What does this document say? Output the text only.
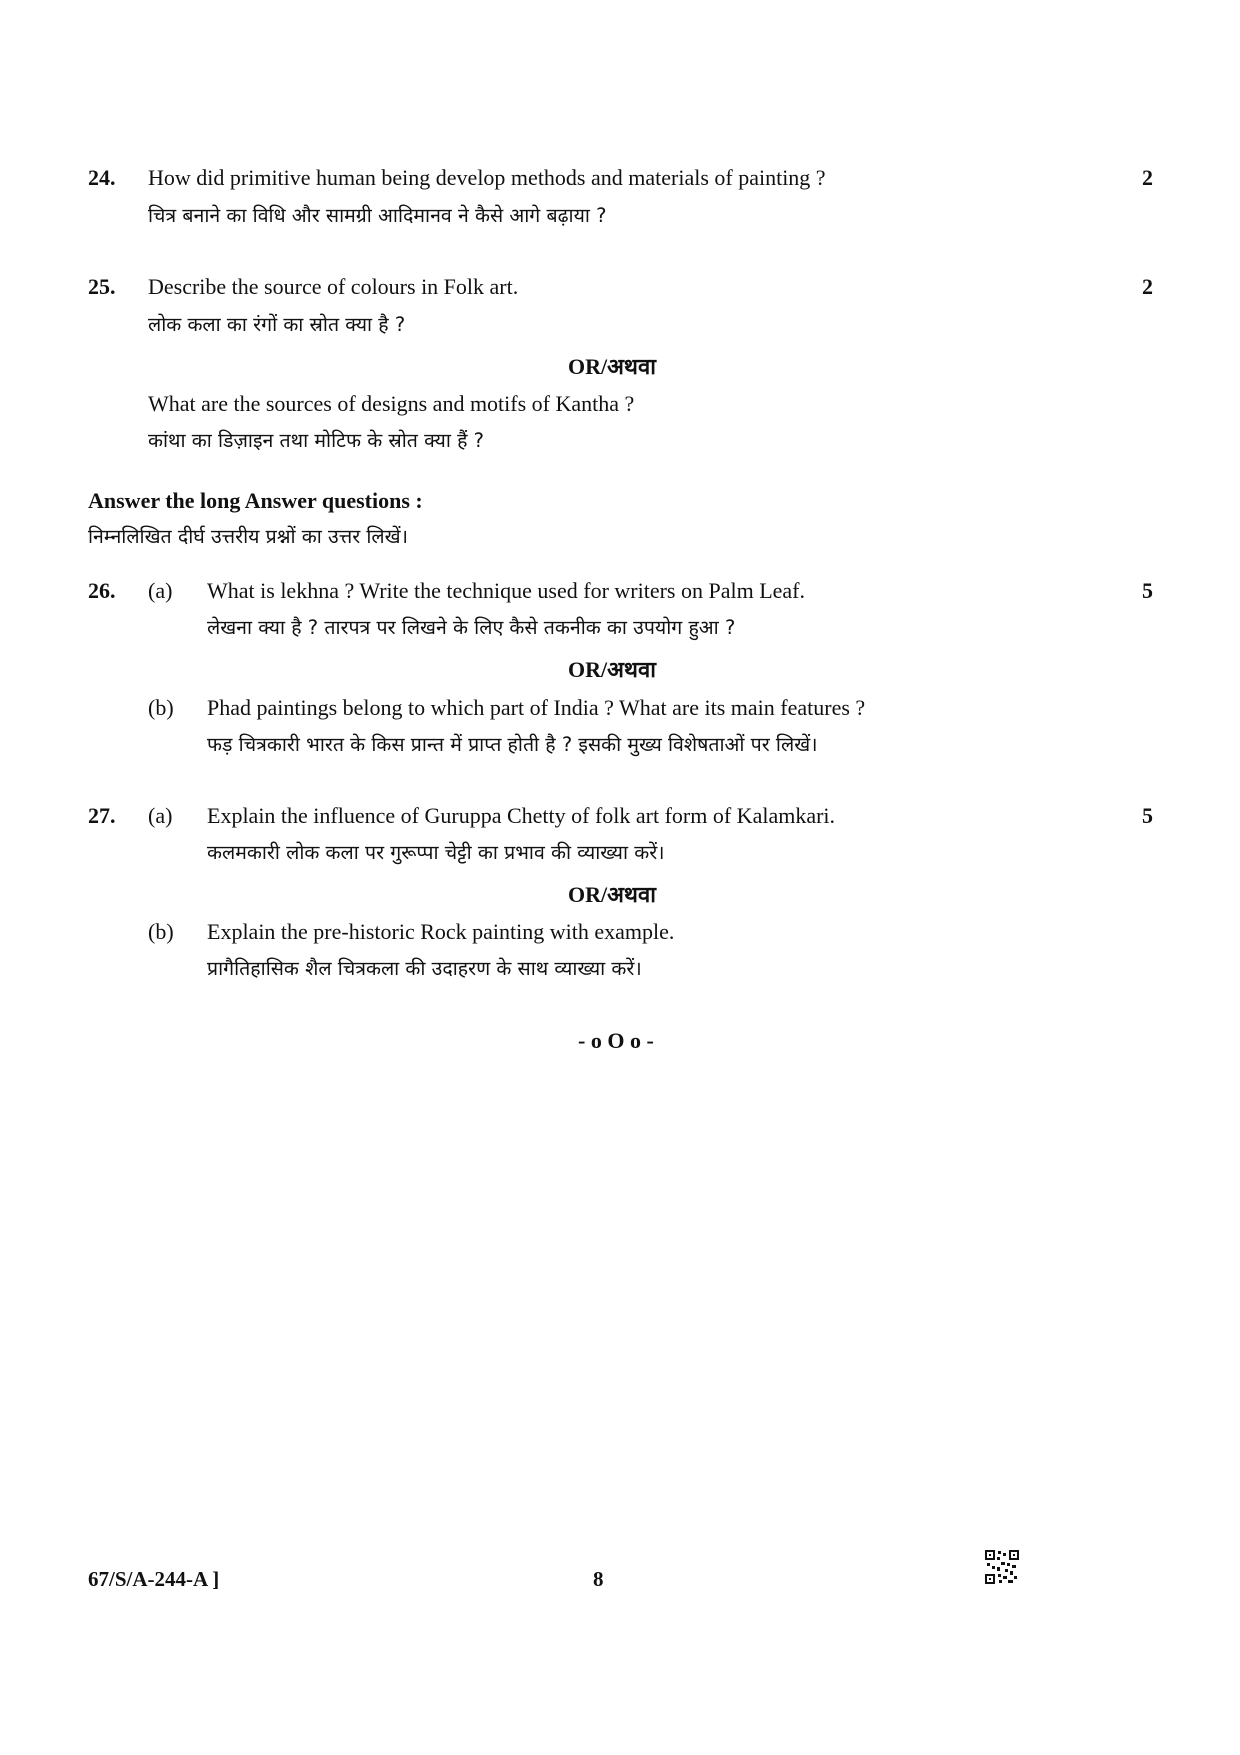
24. How did primitive human being develop methods and materials of painting ?	2
चित्र बनाने का विधि और सामग्री आदिमानव ने कैसे आगे बढ़ाया ?
25. Describe the source of colours in Folk art.	2
लोक कला का रंगों का स्रोत क्या है ?
OR/अथवा
What are the sources of designs and motifs of Kantha ?
कांथा का डिज़ाइन तथा मोटिफ के स्रोत क्या हैं ?
Answer the long Answer questions :
निम्नलिखित दीर्घ उत्तरीय प्रश्नों का उत्तर लिखें।
26. (a) What is lekhna ? Write the technique used for writers on Palm Leaf.	5
लेखना क्या है ? तारपत्र पर लिखने के लिए कैसे तकनीक का उपयोग हुआ ?
OR/अथवा
(b) Phad paintings belong to which part of India ? What are its main features ?
फड़ चित्रकारी भारत के किस प्रान्त में प्राप्त होती है ? इसकी मुख्य विशेषताओं पर लिखें।
27. (a) Explain the influence of Guruppa Chetty of folk art form of Kalamkari.	5
कलमकारी लोक कला पर गुरूप्पा चेट्टी का प्रभाव की व्याख्या करें।
OR/अथवा
(b) Explain the pre-historic Rock painting with example.
प्रागैतिहासिक शैल चित्रकला की उदाहरण के साथ व्याख्या करें।
- o O o -
67/S/A-244-A ]	8
